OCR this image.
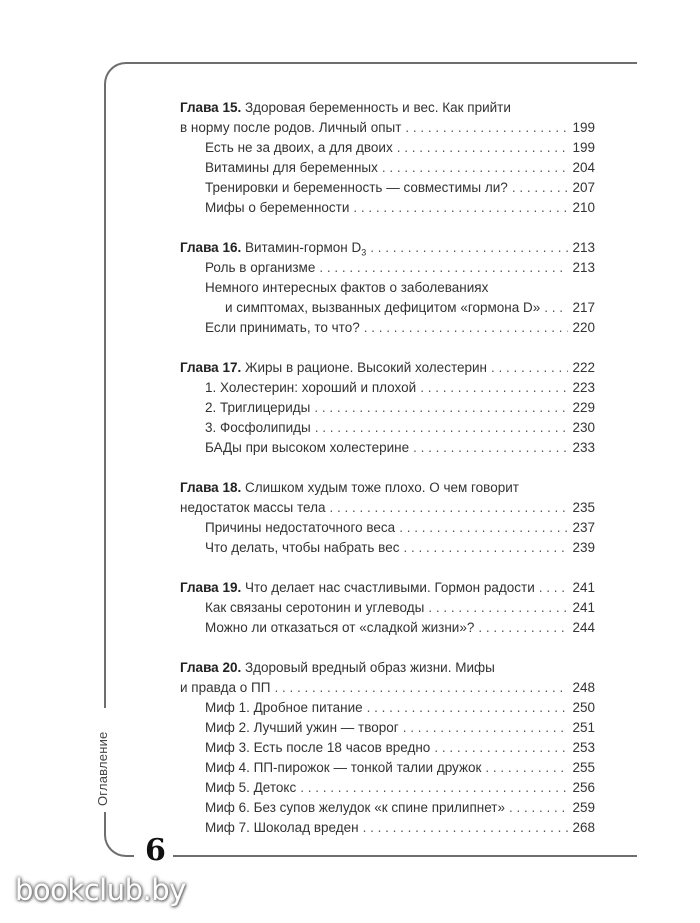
Оглавление
6
bookclub.by
Глава 15. Здоровая беременность и вес. Как прийти
в норму после родов. Личный опыт . . .	199
Есть не за двоих, а для двоих . . .	199
Витамины для беременных . . .	204
Тренировки и беременность — совместимы ли? . . .	207
Мифы о беременности . . .	210
Глава 16. Витамин-гормон $D_3$ . . .	213
Роль в организме . . .	213
Немного интересных фактов о заболеваниях
и симптомах, вызванных дефицитом «гормона D» . . . 217
Если принимать, то что? . . .	220
Глава 17. Жиры в рационе. Высокий холестерин . . .	222
1. Холестерин: хороший и плохой . . .	223
2. Триглицериды . . .	229
3. Фосфолипиды . . .	230
БАДы при высоком холестерине . . .	233
Глава 18. Слишком худым тоже плохо. О чем говорит
недостаток массы тела . . .	235
Причины недостаточного веса . . .	237
Что делать, чтобы набрать вес . . .	239
Глава 19. Что делает нас счастливыми. Гормон радости . . .	241
Как связаны серотонин и углеводы . . .	241
Можно ли отказаться от «сладкой жизни»? . . .	244
Глава 20. Здоровый вредный образ жизни. Мифы
и правда о ПП . . .	248
Миф 1. Дробное питание . . .	250
Миф 2. Лучший ужин — творог . . .	251
Миф 3. Есть после 18 часов вредно . . .	253
Миф 4. ПП-пирожок — тонкой талии дружок . . .	255
Миф 5. Детокс . . .	256
Миф 6. Без супов желудок «к спине прилипнет» . . .	259
Миф 7. Шоколад вреден . . .	268
